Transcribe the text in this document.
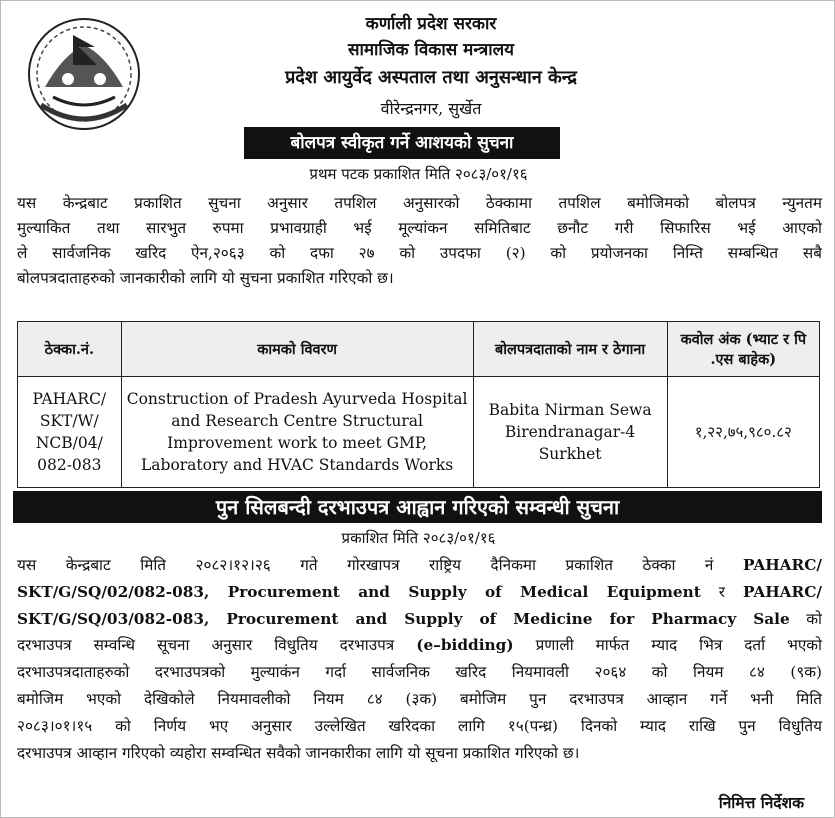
कर्णाली प्रदेश सरकार
सामाजिक विकास मन्त्रालय
प्रदेश आयुर्वेद अस्पताल तथा अनुसन्धान केन्द्र
वीरेन्द्रनगर, सुर्खेत
बोलपत्र स्वीकृत गर्ने आशयको सुचना
प्रथम पटक प्रकाशित मिति २०८३/०१/१६
यस केन्द्रबाट प्रकाशित सुचना अनुसार तपशिल अनुसारको ठेक्कामा तपशिल बमोजिमको बोलपत्र न्युनतम
मुल्याकित तथा सारभुत रुपमा प्रभावग्राही भई मूल्यांकन समितिबाट छनौट गरी सिफारिस भई आएको
ले सार्वजनिक खरिद ऐन,२०६३ को दफा २७ को उपदफा (२) को प्रयोजनका निम्ति सम्बन्धित सबै
बोलपत्रदाताहरुको जानकारीको लागि यो सुचना प्रकाशित गरिएको छ।
ठेक्का.नं.	कामको विवरण	बोलपत्रदाताको नाम र ठेगाना	कवोल अंक (भ्याट र पि .एस बाहेक)
PAHARC/ SKT/W/ NCB/04/ 082-083	Construction of Pradesh Ayurveda Hospital and Research Centre Structural Improvement work to meet GMP, Laboratory and HVAC Standards Works	Babita Nirman Sewa Birendranagar-4 Surkhet	१,२२,७५,९८०.८२
पुन सिलबन्दी दरभाउपत्र आह्वान गरिएको सम्वन्धी सुचना
प्रकाशित मिति २०८३/०१/१६
यस केन्द्रबाट मिति २०८२।१२।२६ गते गोरखापत्र राष्ट्रिय दैनिकमा प्रकाशित ठेक्का नं PAHARC/
SKT/G/SQ/02/082-083, Procurement and Supply of Medical Equipment र PAHARC/
SKT/G/SQ/03/082-083, Procurement and Supply of Medicine for Pharmacy Sale को
दरभाउपत्र सम्वन्धि सूचना अनुसार विधुतिय दरभाउपत्र (e–bidding) प्रणाली मार्फत म्याद भित्र दर्ता भएको
दरभाउपत्रदाताहरुको दरभाउपत्रको मुल्याकंन गर्दा सार्वजनिक खरिद नियमावली २०६४ को नियम ८४ (९क)
बमोजिम भएको देखिकोले नियमावलीको नियम ८४ (३क) बमोजिम पुन दरभाउपत्र आव्हान गर्ने भनी मिति
२०८३।०१।१५ को निर्णय भए अनुसार उल्लेखित खरिदका लागि १५(पन्ध्र) दिनको म्याद राखि पुन विधुतिय
दरभाउपत्र आव्हान गरिएको व्यहोरा सम्वन्धित सवैको जानकारीका लागि यो सूचना प्रकाशित गरिएको छ।
निमित्त निर्देशक
